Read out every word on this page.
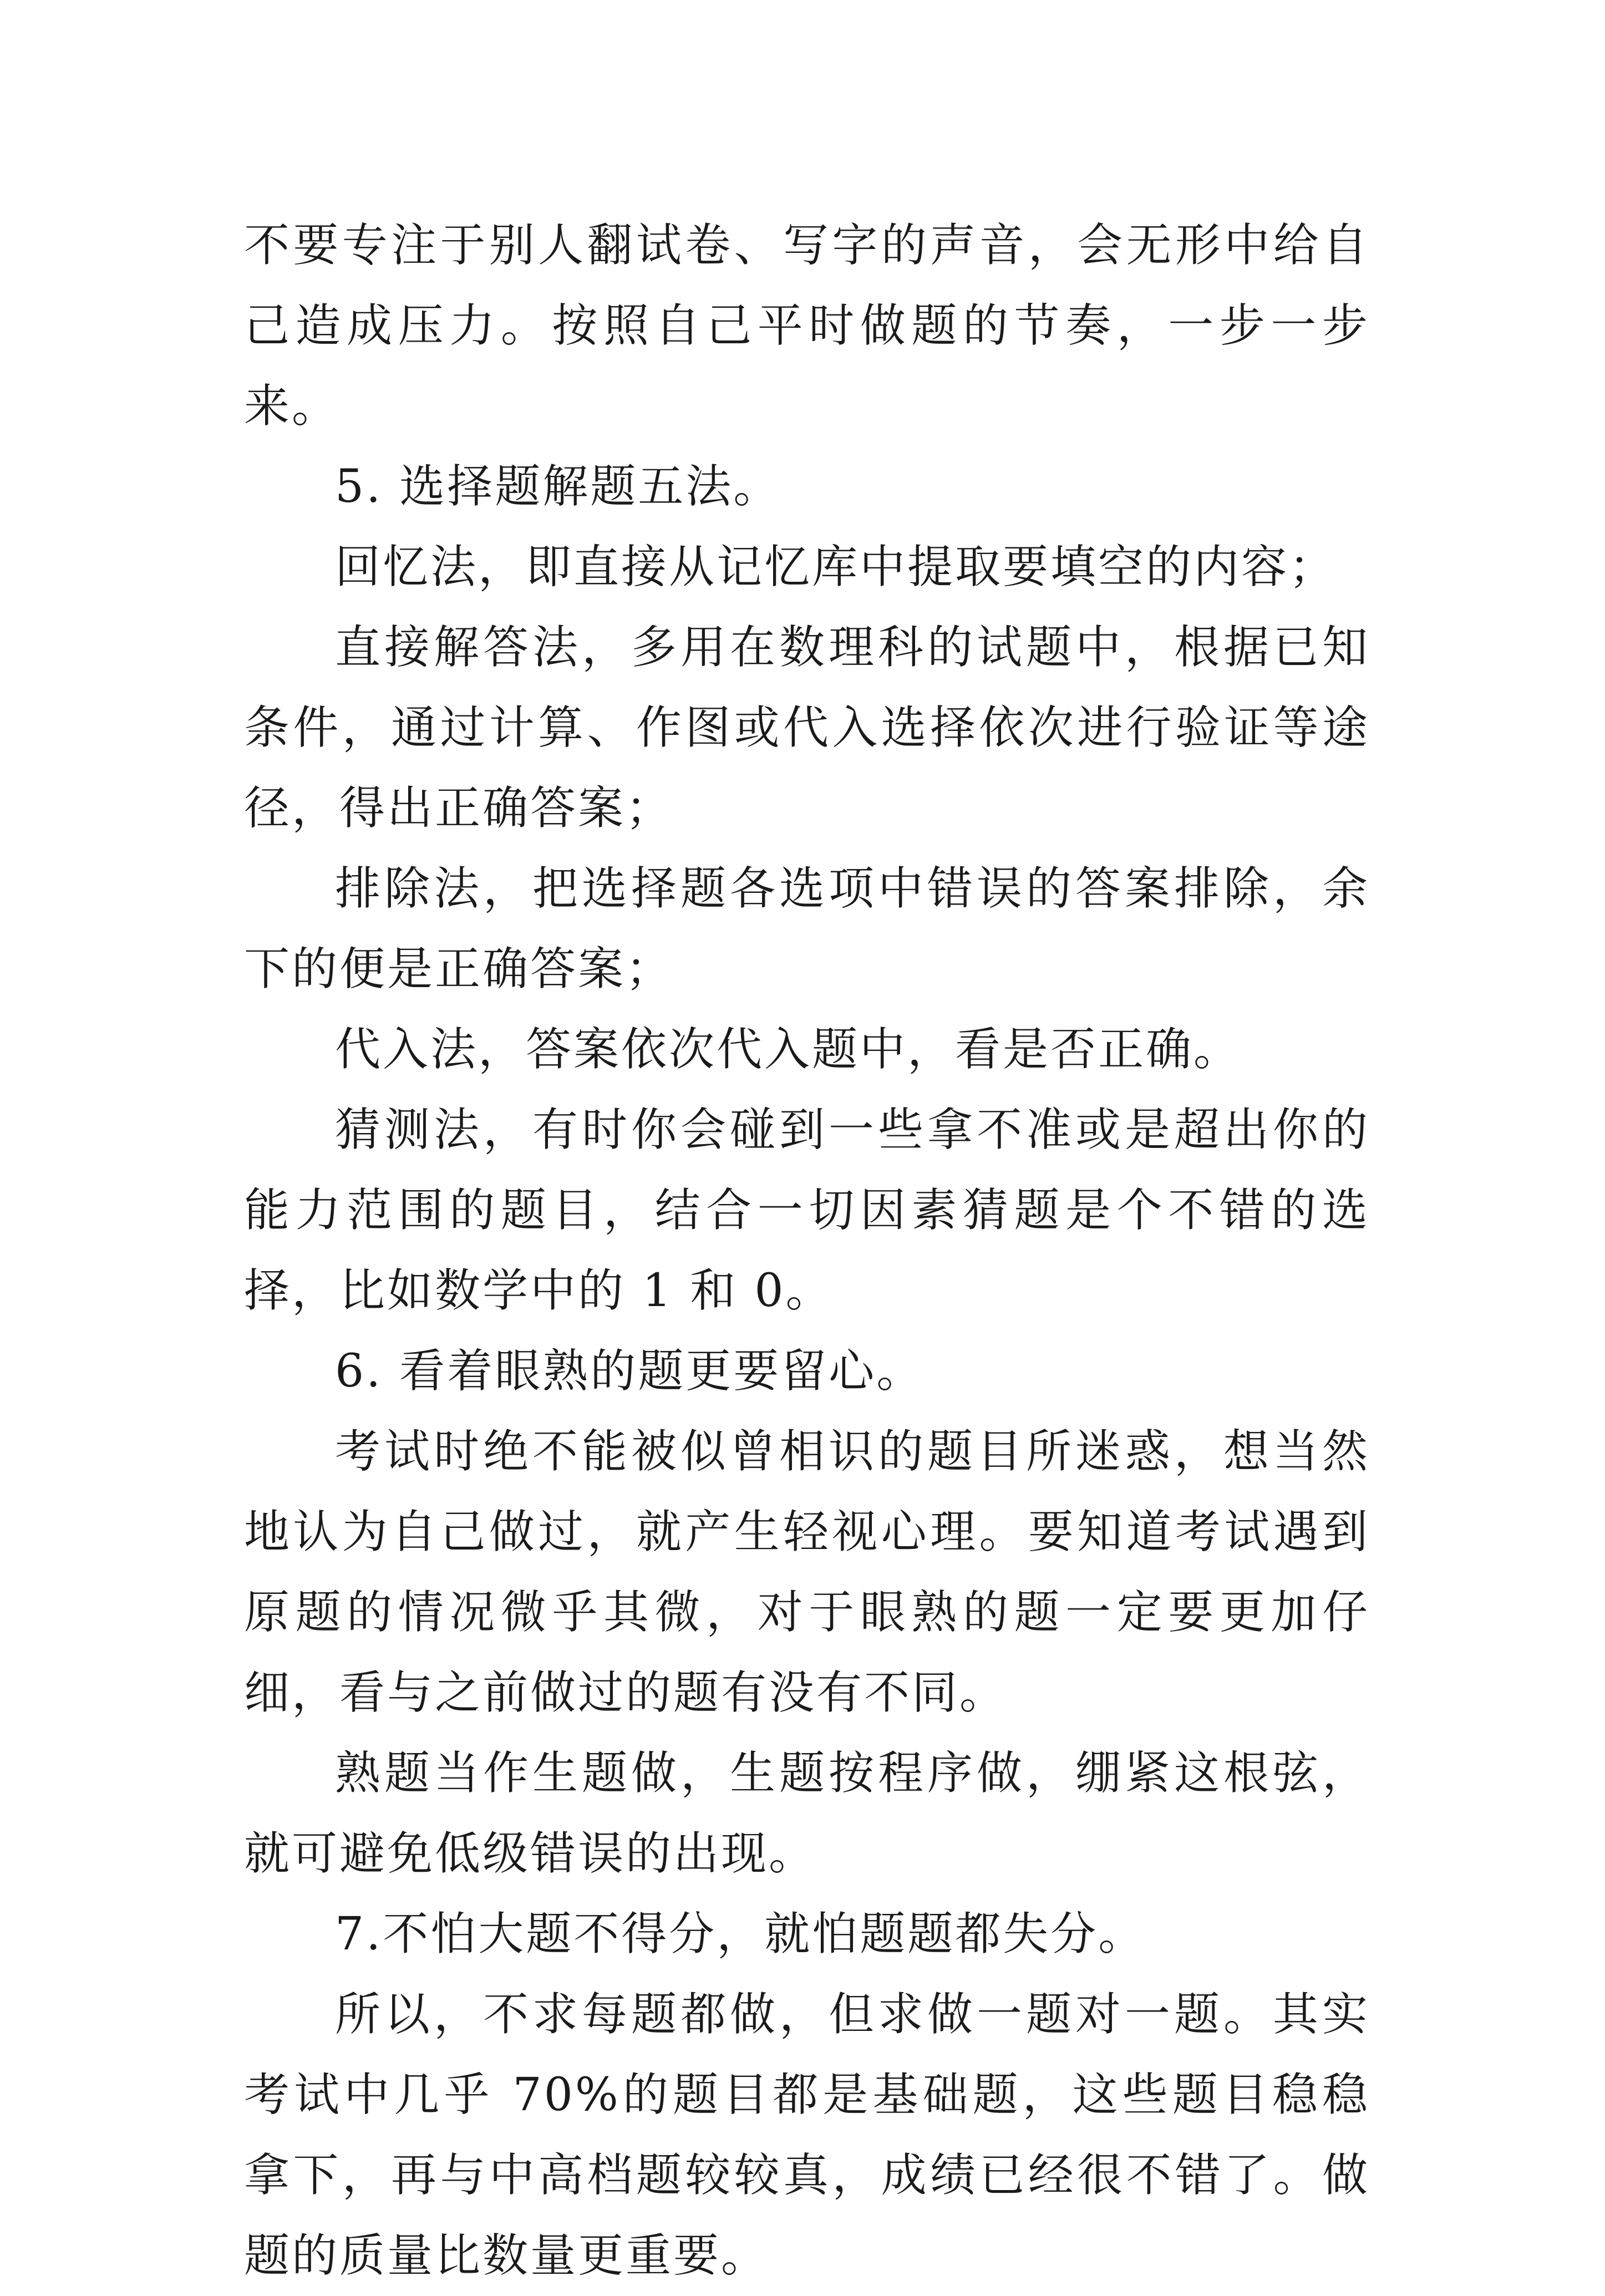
不要专注于别人翻试卷、写字的声音，会无形中给自己造成压力。按照自己平时做题的节奏，一步一步来。

5. 选择题解题五法。

回忆法，即直接从记忆库中提取要填空的内容；

直接解答法，多用在数理科的试题中，根据已知条件，通过计算、作图或代入选择依次进行验证等途径，得出正确答案；

排除法，把选择题各选项中错误的答案排除，余下的便是正确答案；

代入法，答案依次代入题中，看是否正确。

猜测法，有时你会碰到一些拿不准或是超出你的能力范围的题目，结合一切因素猜题是个不错的选择，比如数学中的 1 和 0。

6. 看着眼熟的题更要留心。

考试时绝不能被似曾相识的题目所迷惑，想当然地认为自己做过，就产生轻视心理。要知道考试遇到原题的情况微乎其微，对于眼熟的题一定要更加仔细，看与之前做过的题有没有不同。

熟题当作生题做，生题按程序做，绷紧这根弦，就可避免低级错误的出现。

7.不怕大题不得分，就怕题题都失分。

所以，不求每题都做，但求做一题对一题。其实考试中几乎 70%的题目都是基础题，这些题目稳稳拿下，再与中高档题较较真，成绩已经很不错了。做题的质量比数量更重要。
